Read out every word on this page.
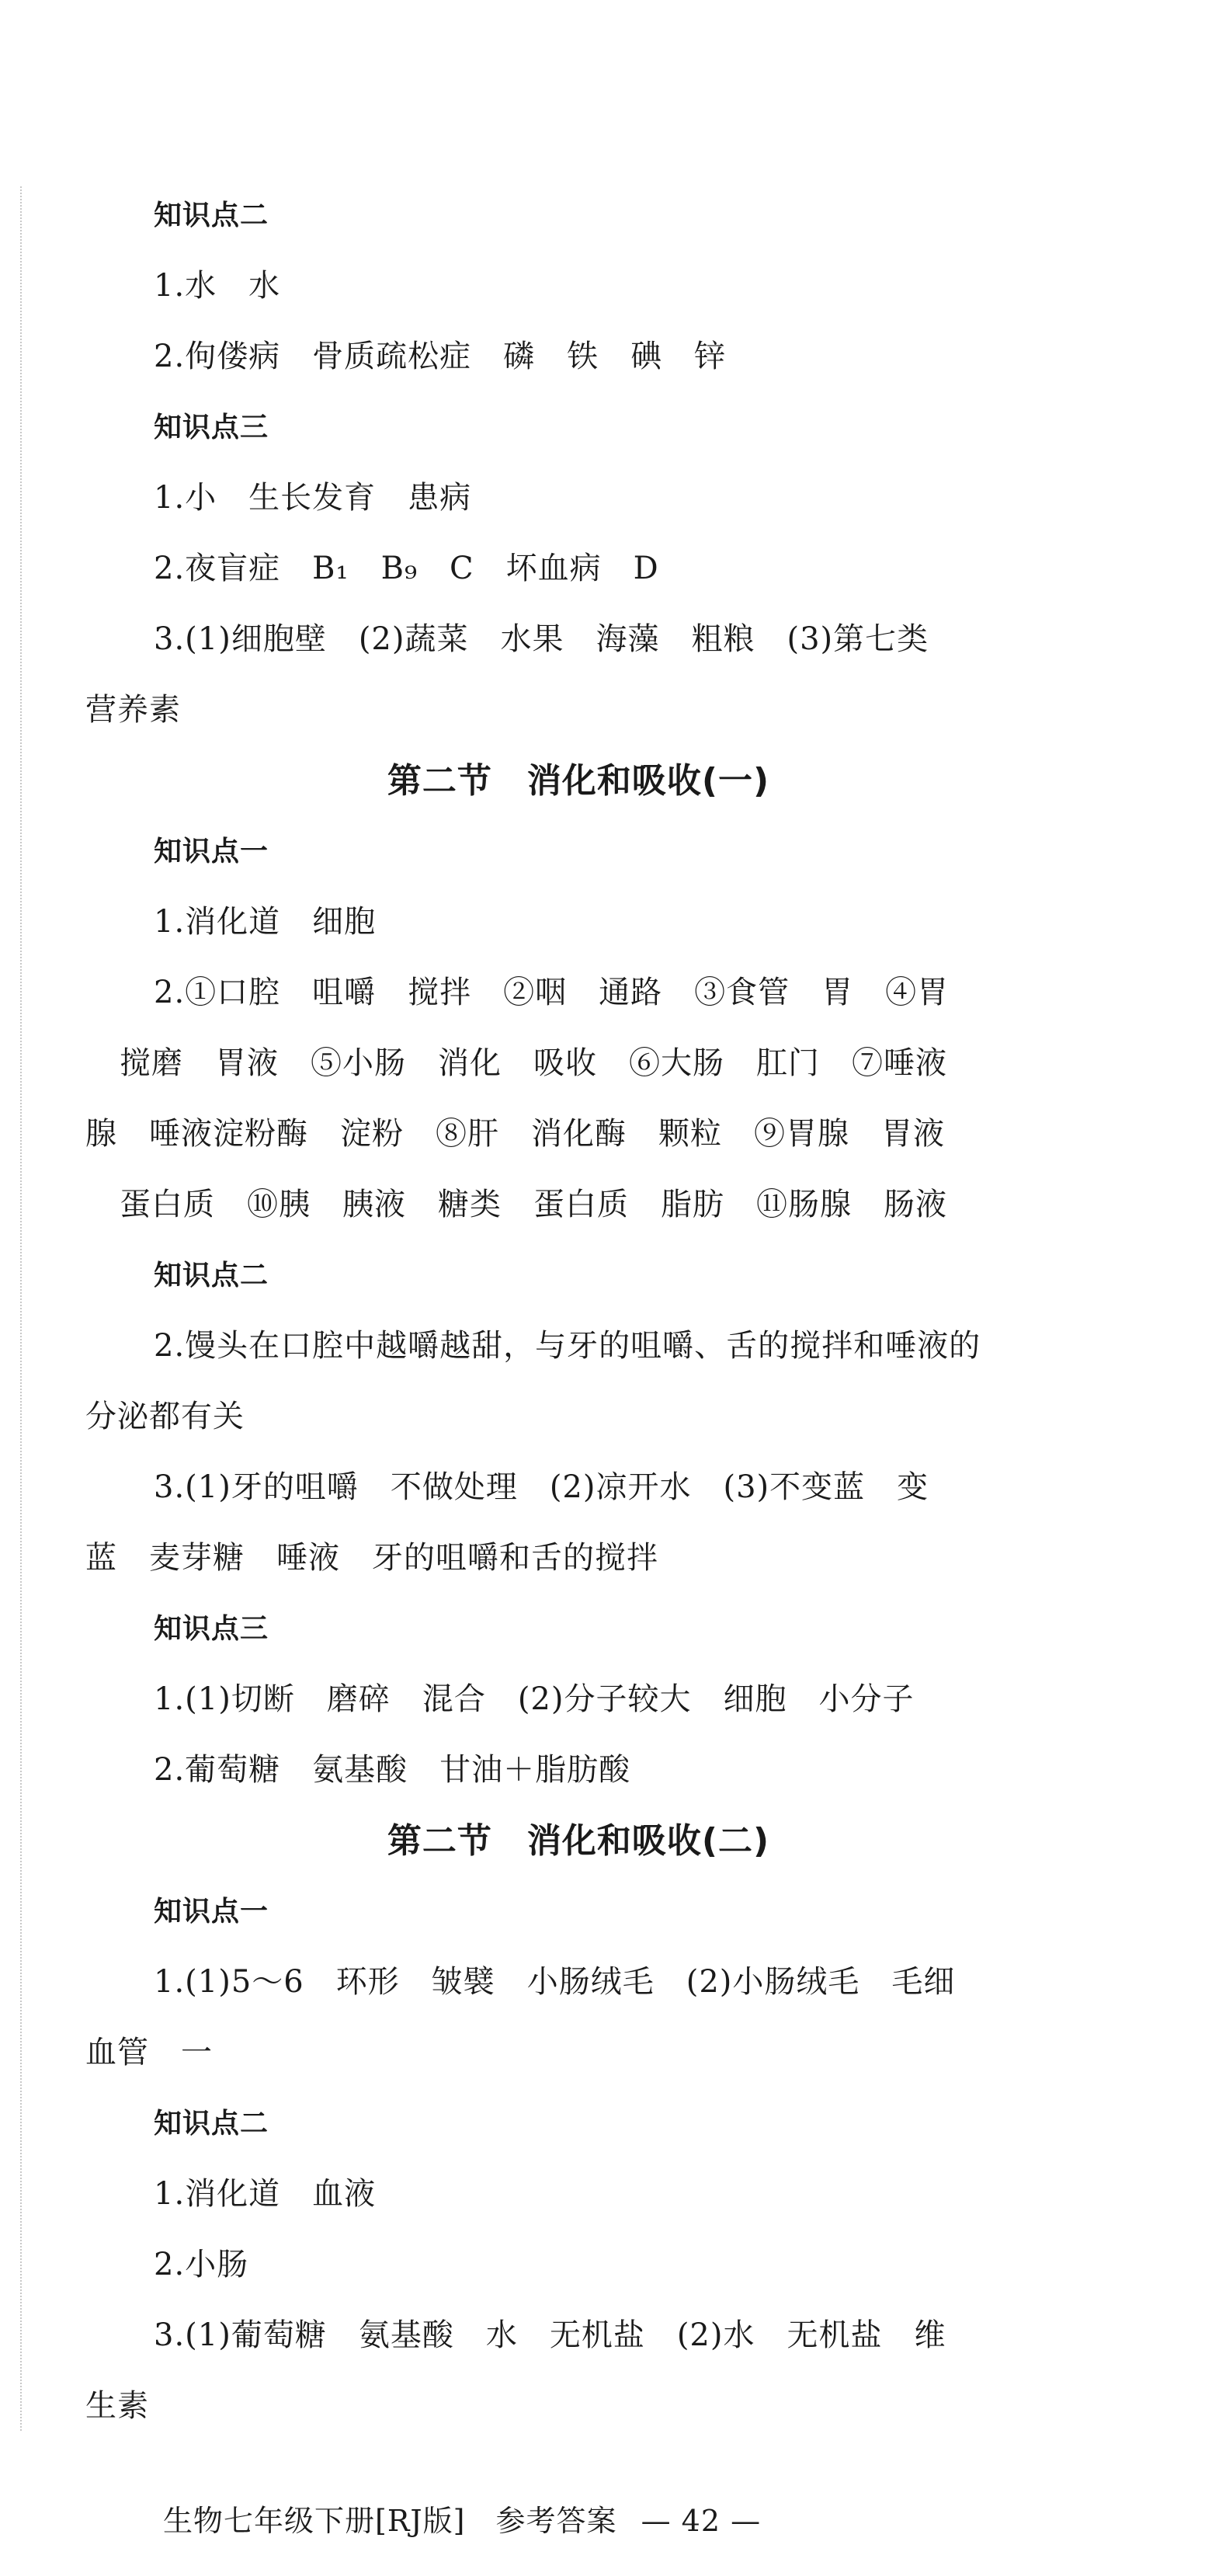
知识点二
1.水　水
2.佝偻病　骨质疏松症　磷　铁　碘　锌
知识点三
1.小　生长发育　患病
2.夜盲症　B₁　B₉　C　坏血病　D
3.(1)细胞壁　(2)蔬菜　水果　海藻　粗粮　(3)第七类
营养素
第二节　消化和吸收(一)
知识点一
1.消化道　细胞
2.①口腔　咀嚼　搅拌　②咽　通路　③食管　胃　④胃
搅磨　胃液　⑤小肠　消化　吸收　⑥大肠　肛门　⑦唾液
腺　唾液淀粉酶　淀粉　⑧肝　消化酶　颗粒　⑨胃腺　胃液
蛋白质　⑩胰　胰液　糖类　蛋白质　脂肪　⑪肠腺　肠液
知识点二
2.馒头在口腔中越嚼越甜，与牙的咀嚼、舌的搅拌和唾液的
分泌都有关
3.(1)牙的咀嚼　不做处理　(2)凉开水　(3)不变蓝　变
蓝　麦芽糖　唾液　牙的咀嚼和舌的搅拌
知识点三
1.(1)切断　磨碎　混合　(2)分子较大　细胞　小分子
2.葡萄糖　氨基酸　甘油＋脂肪酸
第二节　消化和吸收(二)
知识点一
1.(1)5～6　环形　皱襞　小肠绒毛　(2)小肠绒毛　毛细
血管　一
知识点二
1.消化道　血液
2.小肠
3.(1)葡萄糖　氨基酸　水　无机盐　(2)水　无机盐　维
生素
生物七年级下册[RJ版]　参考答案 — 42 —
